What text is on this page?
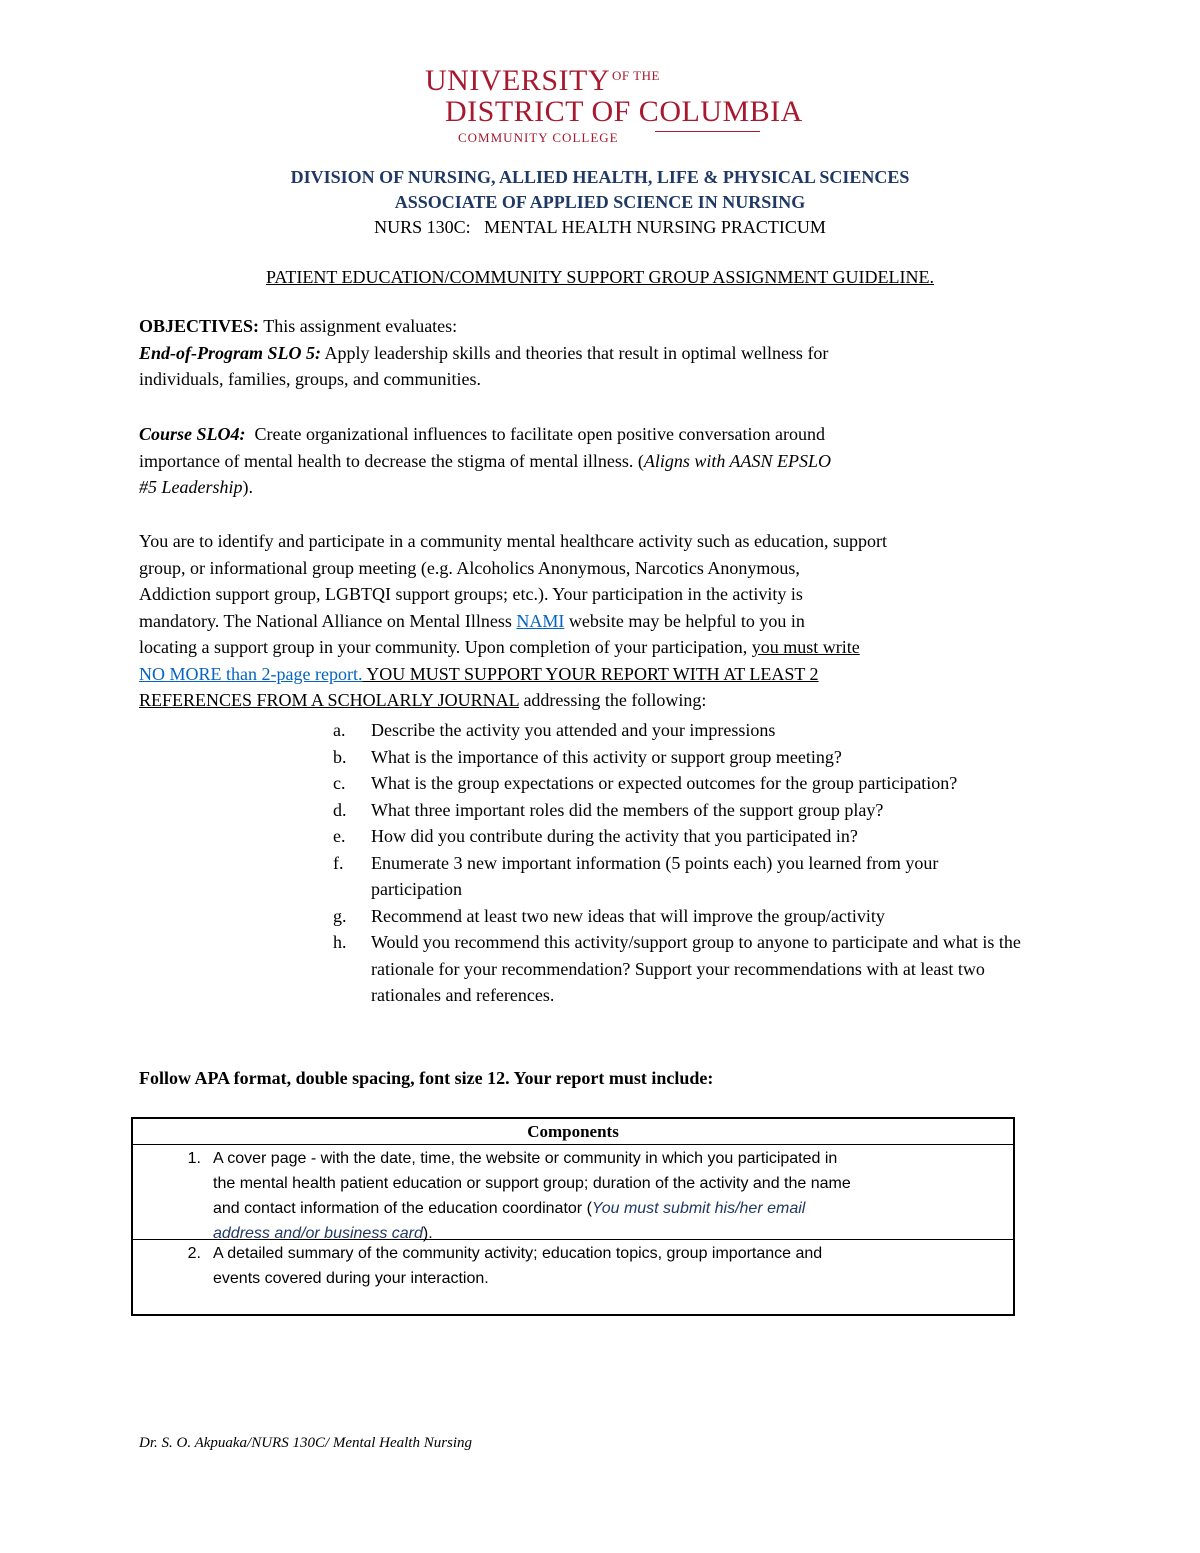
UNIVERSITY $^{OF THE}$
DISTRICT OF COLUMBIA
COMMUNITY COLLEGE
DIVISION OF NURSING, ALLIED HEALTH, LIFE & PHYSICAL SCIENCES
ASSOCIATE OF APPLIED SCIENCE IN NURSING
NURS 130C:   MENTAL HEALTH NURSING PRACTICUM
PATIENT EDUCATION/COMMUNITY SUPPORT GROUP ASSIGNMENT GUIDELINE.

OBJECTIVES: This assignment evaluates:

End-of-Program SLO 5: Apply leadership skills and theories that result in optimal wellness for

individuals, families, groups, and communities.

Course SLO4:  Create organizational influences to facilitate open positive conversation around

importance of mental health to decrease the stigma of mental illness. (Aligns with AASN EPSLO

#5 Leadership).

You are to identify and participate in a community mental healthcare activity such as education, support

group, or informational group meeting (e.g. Alcoholics Anonymous, Narcotics Anonymous,

Addiction support group, LGBTQI support groups; etc.). Your participation in the activity is

mandatory. The National Alliance on Mental Illness NAMI website may be helpful to you in

locating a support group in your community. Upon completion of your participation, you must write

NO MORE than 2-page report. YOU MUST SUPPORT YOUR REPORT WITH AT LEAST 2

REFERENCES FROM A SCHOLARLY JOURNAL addressing the following:

a.	Describe the activity you attended and your impressions
b.	What is the importance of this activity or support group meeting?
c.	What is the group expectations or expected outcomes for the group participation?
d.	What three important roles did the members of the support group play?
e.	How did you contribute during the activity that you participated in?
f.	Enumerate 3 new important information (5 points each) you learned from your participation
g.	Recommend at least two new ideas that will improve the group/activity
h.	Would you recommend this activity/support group to anyone to participate and what is the rationale for your recommendation? Support your recommendations with at least two rationales and references.
Follow APA format, double spacing, font size 12. Your report must include:
Components
1. A cover page - with the date, time, the website or community in which you participated in
the mental health patient education or support group; duration of the activity and the name
and contact information of the education coordinator (You must submit his/her email
address and/or business card).
2. A detailed summary of the community activity; education topics, group importance and
events covered during your interaction.
Dr. S. O. Akpuaka/NURS 130C/ Mental Health Nursing
